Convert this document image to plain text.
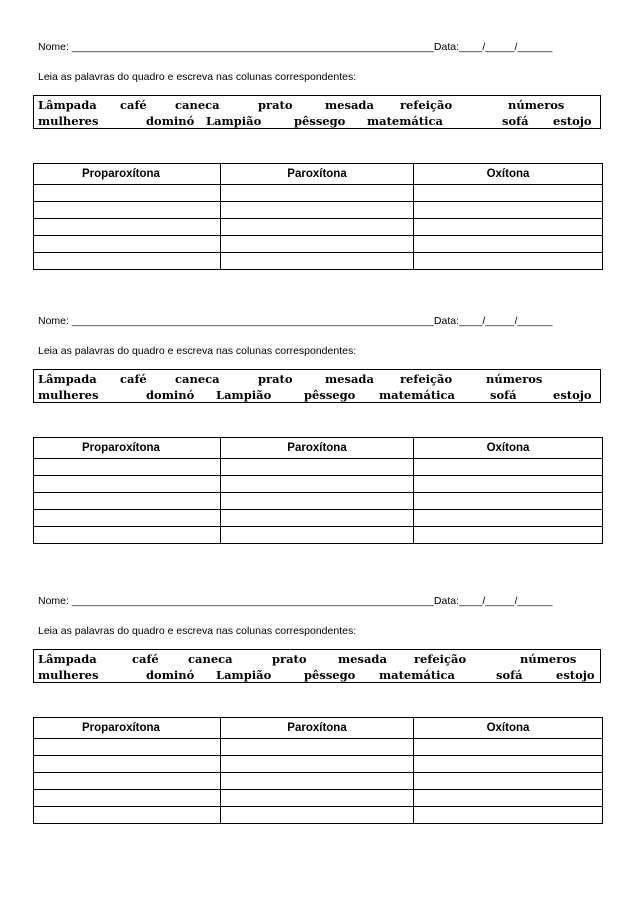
Nome: ______________________________________________________________Data:____/_____/______
Leia as palavras do quadro e escreva nas colunas correspondentes:
Lâmpada café caneca	prato	mesada refeição	números
mulheres	dominó Lampião	pêssego matemática	sofá estojo
Proparoxítona	Paroxítona	Oxítona

Nome: ______________________________________________________________Data:____/_____/______
Leia as palavras do quadro e escreva nas colunas correspondentes:
Lâmpada café caneca	prato	mesada refeição	números
mulheres	dominó Lampião	pêssego matemática	sofá	estojo
Proparoxítona	Paroxítona	Oxítona

Nome: ______________________________________________________________Data:____/_____/______
Leia as palavras do quadro e escreva nas colunas correspondentes:
Lâmpada	café	caneca	prato	mesada refeição	números
mulheres	dominó Lampião	pêssego matemática	sofá	estojo
Proparoxítona	Paroxítona	Oxítona
